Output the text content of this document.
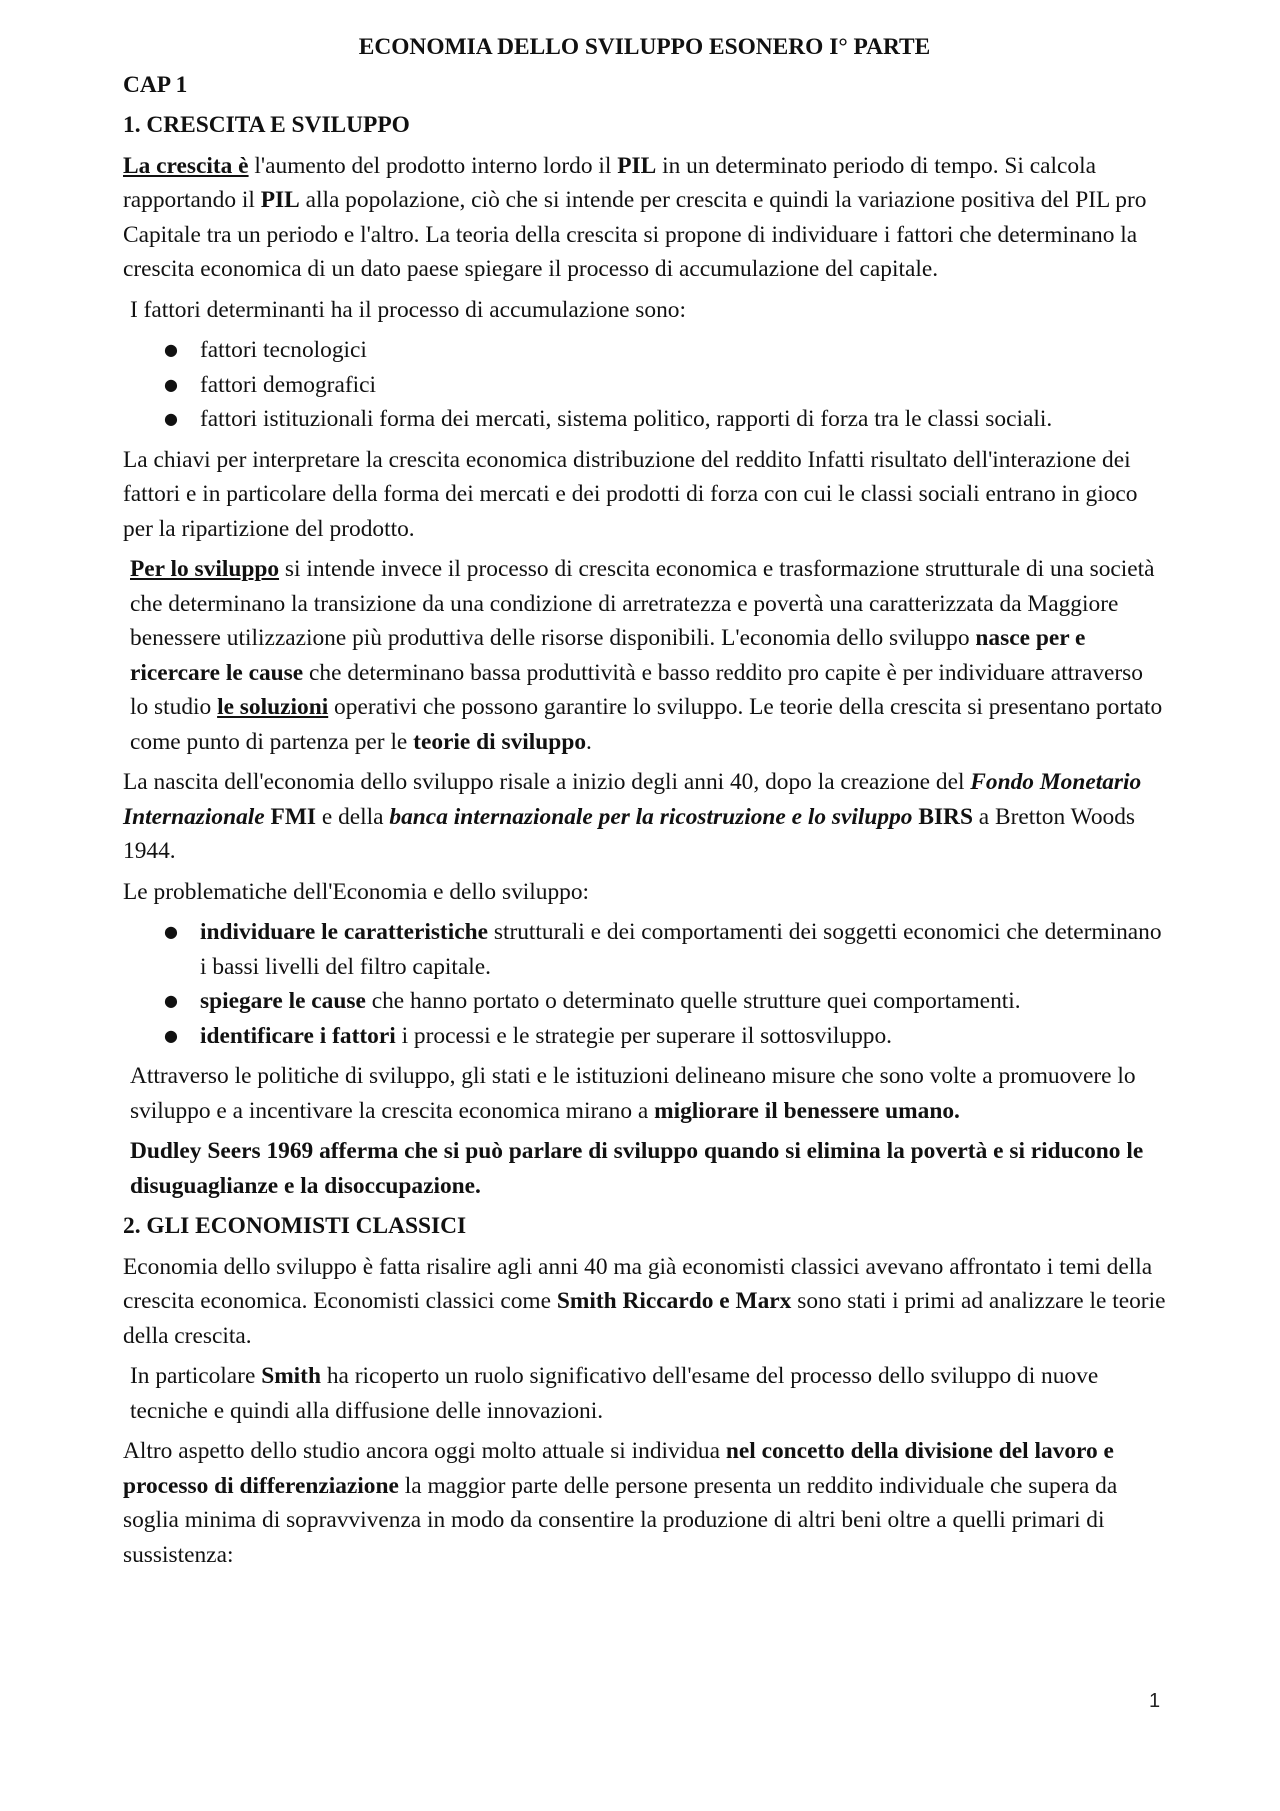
ECONOMIA DELLO SVILUPPO ESONERO I° PARTE
CAP 1
1. CRESCITA E SVILUPPO

La crescita è l'aumento del prodotto interno lordo il PIL in un determinato periodo di tempo. Si calcola rapportando il PIL alla popolazione, ciò che si intende per crescita e quindi la variazione positiva del PIL pro Capitale tra un periodo e l'altro. La teoria della crescita si propone di individuare i fattori che determinano la crescita economica di un dato paese spiegare il processo di accumulazione del capitale.

I fattori determinanti ha il processo di accumulazione sono:

● fattori tecnologici
● fattori demografici
● fattori istituzionali forma dei mercati, sistema politico, rapporti di forza tra le classi sociali.

La chiavi per interpretare la crescita economica distribuzione del reddito Infatti risultato dell'interazione dei fattori e in particolare della forma dei mercati e dei prodotti di forza con cui le classi sociali entrano in gioco per la ripartizione del prodotto.

Per lo sviluppo si intende invece il processo di crescita economica e trasformazione strutturale di una società che determinano la transizione da una condizione di arretratezza e povertà una caratterizzata da Maggiore benessere utilizzazione più produttiva delle risorse disponibili. L'economia dello sviluppo nasce per e ricercare le cause che determinano bassa produttività e basso reddito pro capite è per individuare attraverso lo studio le soluzioni operativi che possono garantire lo sviluppo. Le teorie della crescita si presentano portato come punto di partenza per le teorie di sviluppo.

La nascita dell'economia dello sviluppo risale a inizio degli anni 40, dopo la creazione del Fondo Monetario Internazionale FMI e della banca internazionale per la ricostruzione e lo sviluppo BIRS a Bretton Woods 1944.

Le problematiche dell'Economia e dello sviluppo:

● individuare le caratteristiche strutturali e dei comportamenti dei soggetti economici che determinano i bassi livelli del filtro capitale.
● spiegare le cause che hanno portato o determinato quelle strutture quei comportamenti.
● identificare i fattori i processi e le strategie per superare il sottosviluppo.

Attraverso le politiche di sviluppo, gli stati e le istituzioni delineano misure che sono volte a promuovere lo sviluppo e a incentivare la crescita economica mirano a migliorare il benessere umano.

Dudley Seers 1969 afferma che si può parlare di sviluppo quando si elimina la povertà e si riducono le disuguaglianze e la disoccupazione.

2. GLI ECONOMISTI CLASSICI

Economia dello sviluppo è fatta risalire agli anni 40 ma già economisti classici avevano affrontato i temi della crescita economica. Economisti classici come Smith Riccardo e Marx sono stati i primi ad analizzare le teorie della crescita.

In particolare Smith ha ricoperto un ruolo significativo dell'esame del processo dello sviluppo di nuove tecniche e quindi alla diffusione delle innovazioni.

Altro aspetto dello studio ancora oggi molto attuale si individua nel concetto della divisione del lavoro e processo di differenziazione la maggior parte delle persone presenta un reddito individuale che supera da soglia minima di sopravvivenza in modo da consentire la produzione di altri beni oltre a quelli primari di sussistenza:

1
